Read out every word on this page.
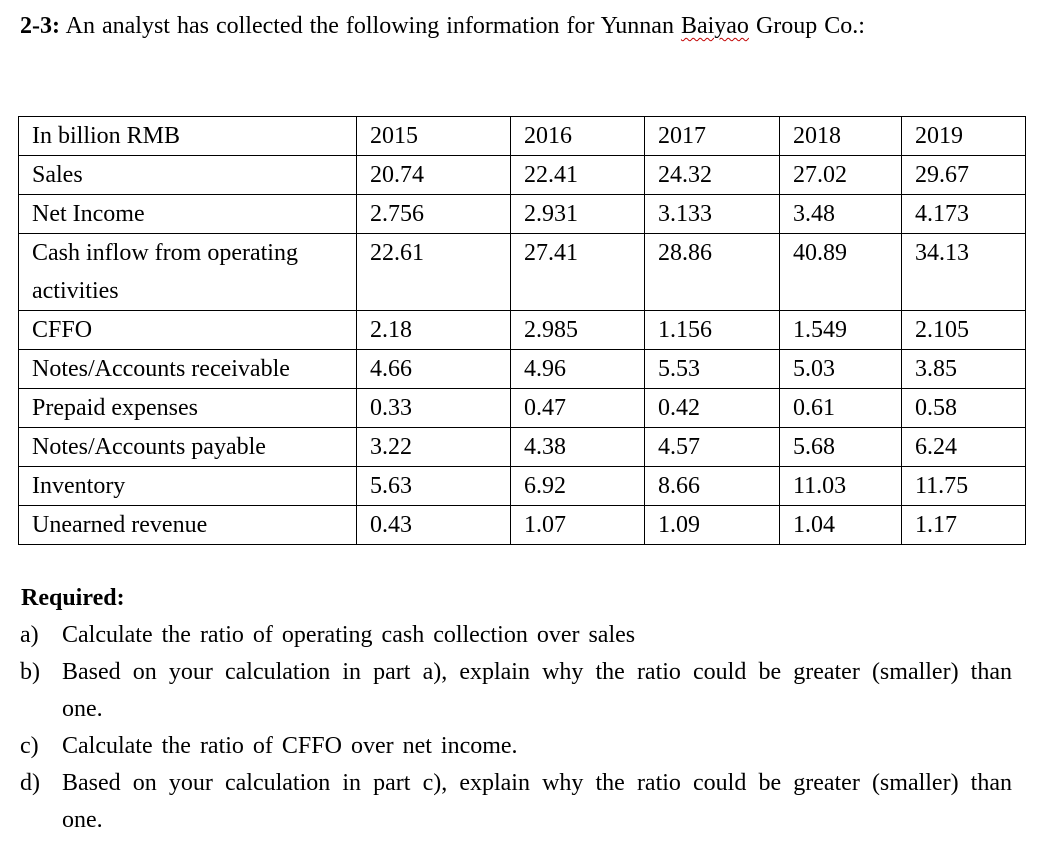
2-3: An analyst has collected the following information for Yunnan Baiyao Group Co.:
In billion RMB	2015	2016	2017	2018	2019
Sales	20.74	22.41	24.32	27.02	29.67
Net Income	2.756	2.931	3.133	3.48	4.173
Cash inflow from operating activities	22.61	27.41	28.86	40.89	34.13
CFFO	2.18	2.985	1.156	1.549	2.105
Notes/Accounts receivable	4.66	4.96	5.53	5.03	3.85
Prepaid expenses	0.33	0.47	0.42	0.61	0.58
Notes/Accounts payable	3.22	4.38	4.57	5.68	6.24
Inventory	5.63	6.92	8.66	11.03	11.75
Unearned revenue	0.43	1.07	1.09	1.04	1.17
Required:
a) Calculate the ratio of operating cash collection over sales
b) Based on your calculation in part a), explain why the ratio could be greater (smaller) than one.
c) Calculate the ratio of CFFO over net income.
d) Based on your calculation in part c), explain why the ratio could be greater (smaller) than one.
